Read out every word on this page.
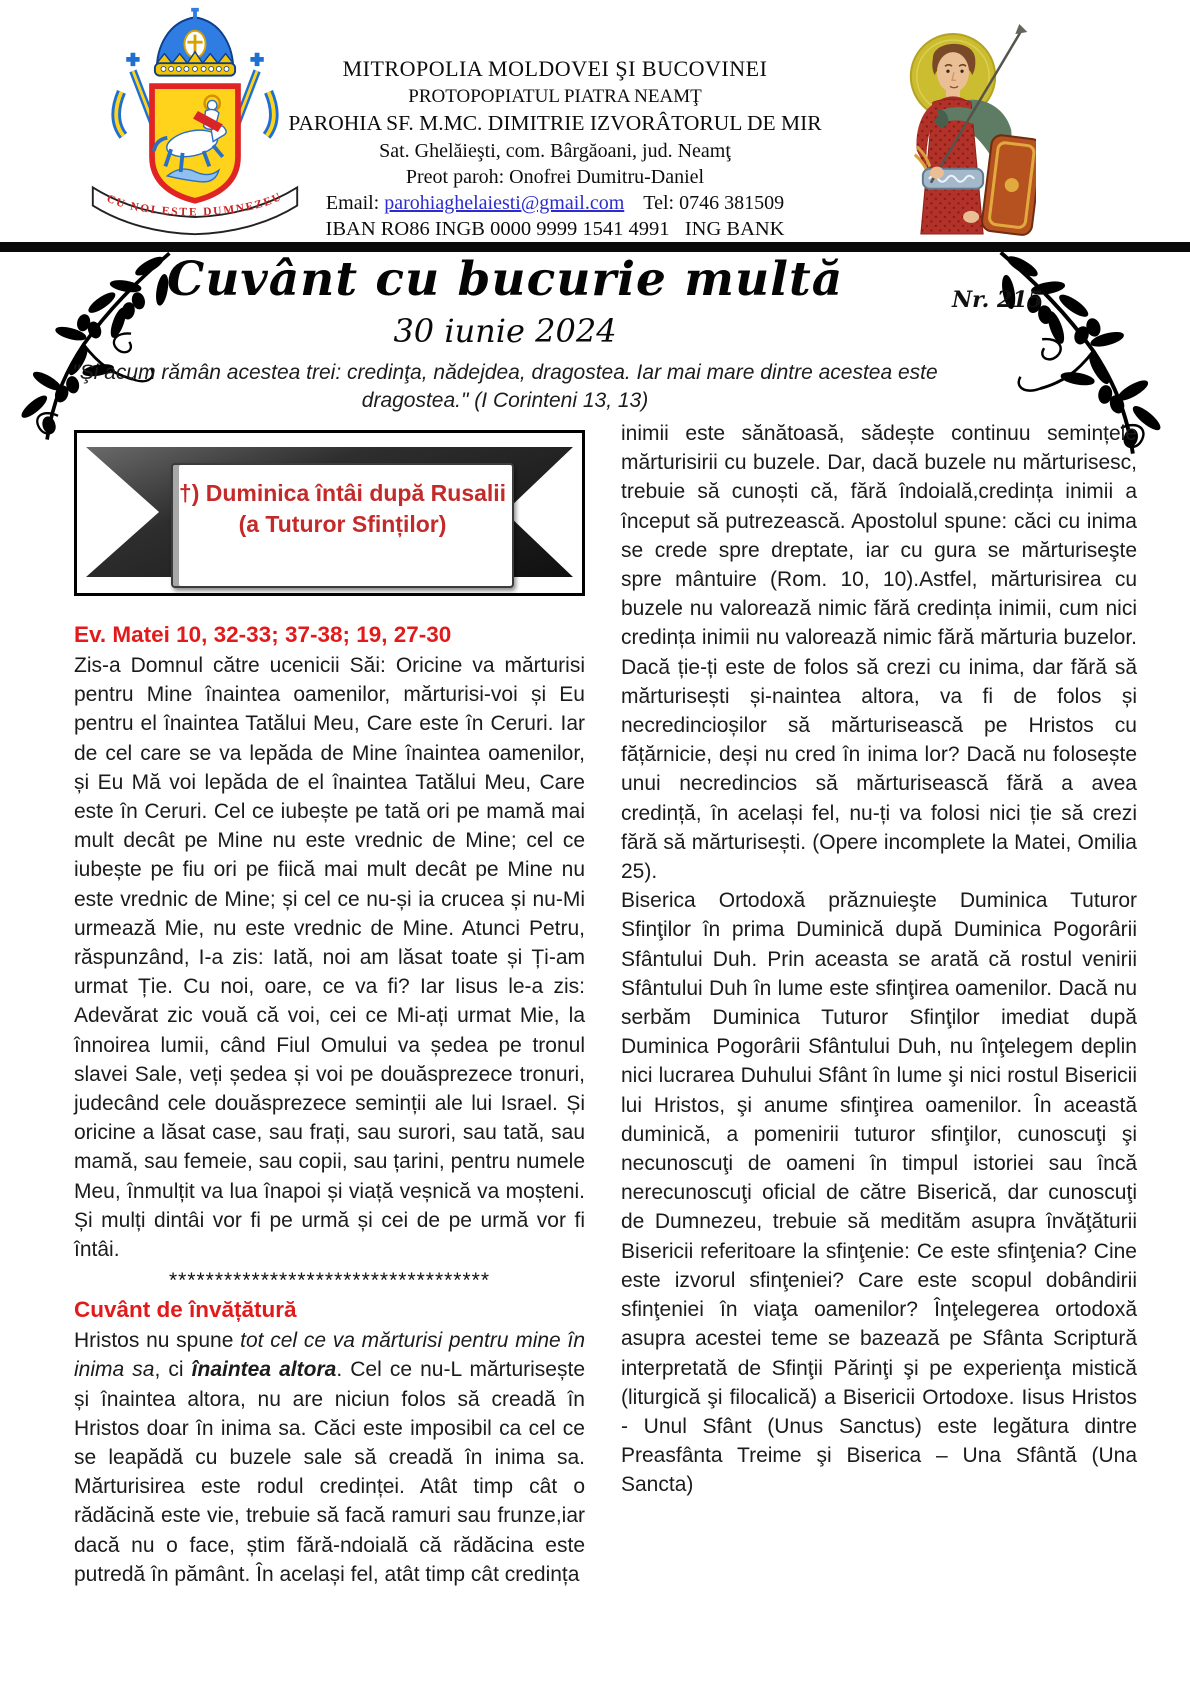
CU NOI ESTE DUMNEZEU
MITROPOLIA MOLDOVEI ŞI BUCOVINEI
PROTOPOPIATUL PIATRA NEAMŢ
PAROHIA SF. M.MC. DIMITRIE IZVORÂTORUL DE MIR
Sat. Ghelăieşti, com. Bârgăoani, jud. Neamţ
Preot paroh: Onofrei Dumitru-Daniel
Email: parohiaghelaiesti@gmail.com Tel: 0746 381509
IBAN RO86 INGB 0000 9999 1541 4991   ING BANK
Cuvânt cu bucurie multă
30 iunie 2024
"Şi acum rămân acestea trei: credinţa, nădejdea, dragostea. Iar mai mare dintre acestea este
dragostea." (I Corinteni 13, 13)
Nr. 215
†) Duminica întâi după Rusalii
(a Tuturor Sfinților)
Ev. Matei 10, 32-33; 37-38; 19, 27-30

Zis-a Domnul către ucenicii Săi: Oricine va mărturisi pentru Mine înaintea oamenilor, mărturisi-voi și Eu pentru el înaintea Tatălui Meu, Care este în Ceruri. Iar de cel care se va lepăda de Mine înaintea oamenilor, și Eu Mă voi lepăda de el înaintea Tatălui Meu, Care este în Ceruri. Cel ce iubește pe tată ori pe mamă mai mult decât pe Mine nu este vrednic de Mine; cel ce iubește pe fiu ori pe fiică mai mult decât pe Mine nu este vrednic de Mine; și cel ce nu-și ia crucea și nu-Mi urmează Mie, nu este vrednic de Mine. Atunci Petru, răspunzând, I-a zis: Iată, noi am lăsat toate și Ți-am urmat Ție. Cu noi, oare, ce va fi? Iar Iisus le-a zis: Adevărat zic vouă că voi, cei ce Mi-ați urmat Mie, la înnoirea lumii, când Fiul Omului va ședea pe tronul slavei Sale, veți ședea și voi pe douăsprezece tronuri, judecând cele douăsprezece seminții ale lui Israel. Și oricine a lăsat case, sau frați, sau surori, sau tată, sau mamă, sau femeie, sau copii, sau țarini, pentru numele Meu, înmulțit va lua înapoi și viață veșnică va moșteni. Și mulți dintâi vor fi pe urmă și cei de pe urmă vor fi întâi.

***********************************
Cuvânt de învățătură

Hristos nu spune tot cel ce va mărturisi pentru mine în inima sa, ci înaintea altora. Cel ce nu-L mărturisește și înaintea altora, nu are niciun folos să creadă în Hristos doar în inima sa. Căci este imposibil ca cel ce se leapădă cu buzele sale să creadă în inima sa. Mărturisirea este rodul credinței. Atât timp cât o rădăcină este vie, trebuie să facă ramuri sau frunze,iar dacă nu o face, știm fără-ndoială că rădăcina este putredă în pământ. În același fel, atât timp cât credința

inimii este sănătoasă, sădește continuu semințele mărturisirii cu buzele. Dar, dacă buzele nu mărturisesc, trebuie să cunoști că, fără îndoială,credința inimii a început să putrezească. Apostolul spune: căci cu inima se crede spre dreptate, iar cu gura se mărturiseşte spre mântuire (Rom. 10, 10).Astfel, mărturisirea cu buzele nu valorează nimic fără credința inimii, cum nici credința inimii nu valorează nimic fără mărturia buzelor. Dacă ție-ți este de folos să crezi cu inima, dar fără să mărturisești și-naintea altora, va fi de folos și necredincioșilor să mărturisească pe Hristos cu fățărnicie, deși nu cred în inima lor? Dacă nu folosește unui necredincios să mărturisească fără a avea credință, în același fel, nu-ți va folosi nici ție să crezi fără să mărturisești. (Opere incomplete la Matei, Omilia 25).

Biserica Ortodoxă prăznuieşte Duminica Tuturor Sfinţilor în prima Duminică după Duminica Pogorârii Sfântului Duh. Prin aceasta se arată că rostul venirii Sfântului Duh în lume este sfinţirea oamenilor. Dacă nu serbăm Duminica Tuturor Sfinţilor imediat după Duminica Pogorârii Sfântului Duh, nu înţelegem deplin nici lucrarea Duhului Sfânt în lume şi nici rostul Bisericii lui Hristos, şi anume sfinţirea oamenilor. În această duminică, a pomenirii tuturor sfinţilor, cunoscuţi şi necunoscuţi de oameni în timpul istoriei sau încă nerecunoscuţi oficial de către Biserică, dar cunoscuţi de Dumnezeu, trebuie să medităm asupra învăţăturii Bisericii referitoare la sfinţenie: Ce este sfinţenia? Cine este izvorul sfinţeniei? Care este scopul dobândirii sfinţeniei în viaţa oamenilor? Înţelegerea ortodoxă asupra acestei teme se bazează pe Sfânta Scriptură interpretată de Sfinţii Părinţi şi pe experienţa mistică (liturgică şi filocalică) a Bisericii Ortodoxe. Iisus Hristos - Unul Sfânt (Unus Sanctus) este legătura dintre Preasfânta Treime şi Biserica – Una Sfântă (Una Sancta)
